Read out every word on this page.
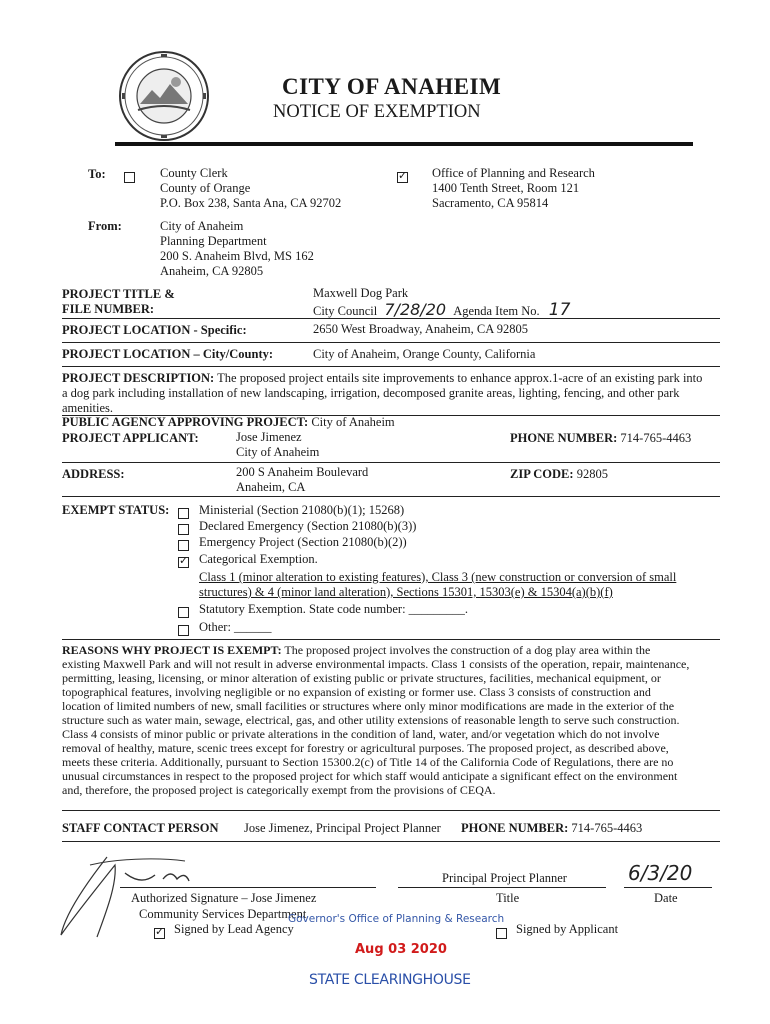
CITY OF ANAHEIM
NOTICE OF EXEMPTION
To:	County Clerk
County of Orange
P.O. Box 238, Santa Ana, CA 92702
✓
Office of Planning and Research
1400 Tenth Street, Room 121
Sacramento, CA 95814
From:	City of Anaheim
Planning Department
200 S. Anaheim Blvd, MS 162
Anaheim, CA 92805
PROJECT TITLE &
FILE NUMBER:
Maxwell Dog Park
City Council 7/28/20 Agenda Item No. 17
PROJECT LOCATION - Specific:	2650 West Broadway, Anaheim, CA 92805
PROJECT LOCATION – City/County:	City of Anaheim, Orange County, California
PROJECT DESCRIPTION: The proposed project entails site improvements to enhance approx.1-acre of an existing park into
a dog park including installation of new landscaping, irrigation, decomposed granite areas, lighting, fencing, and other park
amenities.
PUBLIC AGENCY APPROVING PROJECT: City of Anaheim
PROJECT APPLICANT:	Jose Jimenez
City of Anaheim
PHONE NUMBER: 714-765-4463
ADDRESS:	200 S Anaheim Boulevard
Anaheim, CA
ZIP CODE: 92805
EXEMPT STATUS: Ministerial (Section 21080(b)(1); 15268)
Declared Emergency (Section 21080(b)(3))
Emergency Project (Section 21080(b)(2))
✓
Categorical Exemption.
Class 1 (minor alteration to existing features), Class 3 (new construction or conversion of small
structures) & 4 (minor land alteration), Sections 15301, 15303(e) & 15304(a)(b)(f)
Statutory Exemption. State code number: _________.
Other: ______
REASONS WHY PROJECT IS EXEMPT: The proposed project involves the construction of a dog play area within the
existing Maxwell Park and will not result in adverse environmental impacts. Class 1 consists of the operation, repair, maintenance,
permitting, leasing, licensing, or minor alteration of existing public or private structures, facilities, mechanical equipment, or
topographical features, involving negligible or no expansion of existing or former use. Class 3 consists of construction and
location of limited numbers of new, small facilities or structures where only minor modifications are made in the exterior of the
structure such as water main, sewage, electrical, gas, and other utility extensions of reasonable length to serve such construction.
Class 4 consists of minor public or private alterations in the condition of land, water, and/or vegetation which do not involve
removal of healthy, mature, scenic trees except for forestry or agricultural purposes. The proposed project, as described above,
meets these criteria. Additionally, pursuant to Section 15300.2(c) of Title 14 of the California Code of Regulations, there are no
unusual circumstances in respect to the proposed project for which staff would anticipate a significant effect on the environment
and, therefore, the proposed project is categorically exempt from the provisions of CEQA.
STAFF CONTACT PERSON Jose Jimenez, Principal Project Planner PHONE NUMBER: 714-765-4463
Principal Project Planner	6/3/20
Authorized Signature – Jose Jimenez	Title	Date
Community Services Department
✓
Signed by Lead Agency	Signed by Applicant
Governor's Office of Planning & Research
Aug 03 2020
STATE CLEARINGHOUSE
